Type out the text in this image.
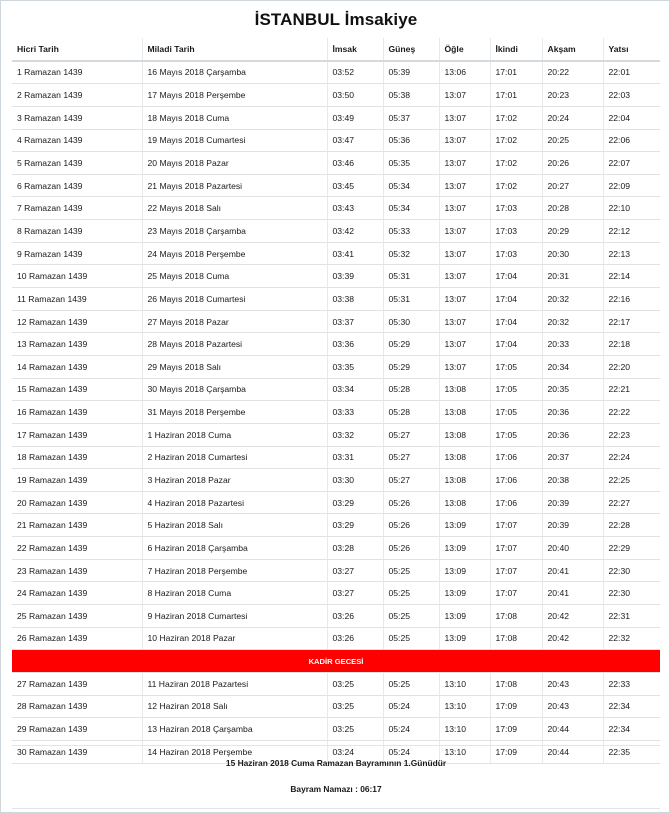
İSTANBUL İmsakiye
Hicri Tarih	Miladi Tarih	İmsak	Güneş	Öğle	İkindi	Akşam	Yatsı
1 Ramazan 1439	16 Mayıs 2018 Çarşamba	03:52	05:39	13:06	17:01	20:22	22:01
2 Ramazan 1439	17 Mayıs 2018 Perşembe	03:50	05:38	13:07	17:01	20:23	22:03
3 Ramazan 1439	18 Mayıs 2018 Cuma	03:49	05:37	13:07	17:02	20:24	22:04
4 Ramazan 1439	19 Mayıs 2018 Cumartesi	03:47	05:36	13:07	17:02	20:25	22:06
5 Ramazan 1439	20 Mayıs 2018 Pazar	03:46	05:35	13:07	17:02	20:26	22:07
6 Ramazan 1439	21 Mayıs 2018 Pazartesi	03:45	05:34	13:07	17:02	20:27	22:09
7 Ramazan 1439	22 Mayıs 2018 Salı	03:43	05:34	13:07	17:03	20:28	22:10
8 Ramazan 1439	23 Mayıs 2018 Çarşamba	03:42	05:33	13:07	17:03	20:29	22:12
9 Ramazan 1439	24 Mayıs 2018 Perşembe	03:41	05:32	13:07	17:03	20:30	22:13
10 Ramazan 1439	25 Mayıs 2018 Cuma	03:39	05:31	13:07	17:04	20:31	22:14
11 Ramazan 1439	26 Mayıs 2018 Cumartesi	03:38	05:31	13:07	17:04	20:32	22:16
12 Ramazan 1439	27 Mayıs 2018 Pazar	03:37	05:30	13:07	17:04	20:32	22:17
13 Ramazan 1439	28 Mayıs 2018 Pazartesi	03:36	05:29	13:07	17:04	20:33	22:18
14 Ramazan 1439	29 Mayıs 2018 Salı	03:35	05:29	13:07	17:05	20:34	22:20
15 Ramazan 1439	30 Mayıs 2018 Çarşamba	03:34	05:28	13:08	17:05	20:35	22:21
16 Ramazan 1439	31 Mayıs 2018 Perşembe	03:33	05:28	13:08	17:05	20:36	22:22
17 Ramazan 1439	1 Haziran 2018 Cuma	03:32	05:27	13:08	17:05	20:36	22:23
18 Ramazan 1439	2 Haziran 2018 Cumartesi	03:31	05:27	13:08	17:06	20:37	22:24
19 Ramazan 1439	3 Haziran 2018 Pazar	03:30	05:27	13:08	17:06	20:38	22:25
20 Ramazan 1439	4 Haziran 2018 Pazartesi	03:29	05:26	13:08	17:06	20:39	22:27
21 Ramazan 1439	5 Haziran 2018 Salı	03:29	05:26	13:09	17:07	20:39	22:28
22 Ramazan 1439	6 Haziran 2018 Çarşamba	03:28	05:26	13:09	17:07	20:40	22:29
23 Ramazan 1439	7 Haziran 2018 Perşembe	03:27	05:25	13:09	17:07	20:41	22:30
24 Ramazan 1439	8 Haziran 2018 Cuma	03:27	05:25	13:09	17:07	20:41	22:30
25 Ramazan 1439	9 Haziran 2018 Cumartesi	03:26	05:25	13:09	17:08	20:42	22:31
26 Ramazan 1439	10 Haziran 2018 Pazar	03:26	05:25	13:09	17:08	20:42	22:32
KADİR GECESİ							
27 Ramazan 1439	11 Haziran 2018 Pazartesi	03:25	05:25	13:10	17:08	20:43	22:33
28 Ramazan 1439	12 Haziran 2018 Salı	03:25	05:24	13:10	17:09	20:43	22:34
29 Ramazan 1439	13 Haziran 2018 Çarşamba	03:25	05:24	13:10	17:09	20:44	22:34
30 Ramazan 1439	14 Haziran 2018 Perşembe	03:24	05:24	13:10	17:09	20:44	22:35
15 Haziran 2018 Cuma Ramazan Bayramının 1.Günüdür
Bayram Namazı : 06:17
